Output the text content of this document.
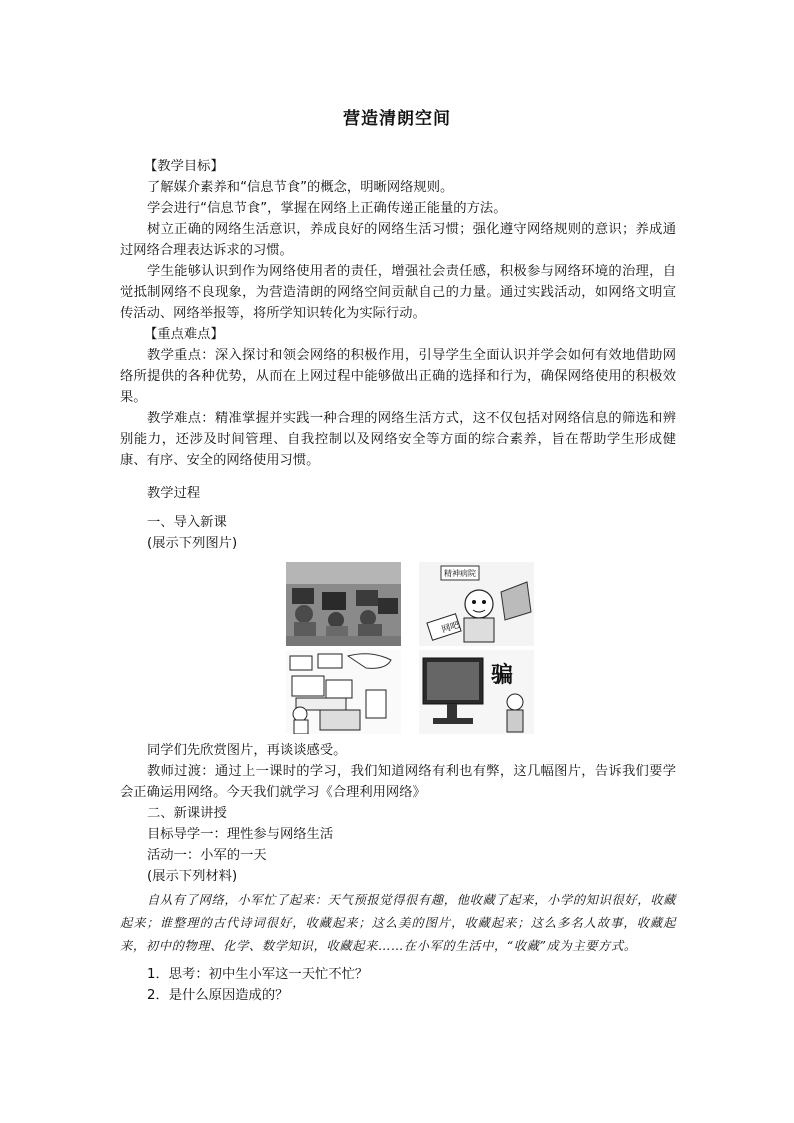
营造清朗空间

【教学目标】

了解媒介素养和“信息节食”的概念，明晰网络规则。

学会进行“信息节食”，掌握在网络上正确传递正能量的方法。

树立正确的网络生活意识，养成良好的网络生活习惯；强化遵守网络规则的意识；养成通过网络合理表达诉求的习惯。

学生能够认识到作为网络使用者的责任，增强社会责任感，积极参与网络环境的治理，自觉抵制网络不良现象，为营造清朗的网络空间贡献自己的力量。通过实践活动，如网络文明宣传活动、网络举报等，将所学知识转化为实际行动。

【重点难点】

教学重点：深入探讨和领会网络的积极作用，引导学生全面认识并学会如何有效地借助网络所提供的各种优势，从而在上网过程中能够做出正确的选择和行为，确保网络使用的积极效果。

教学难点：精准掌握并实践一种合理的网络生活方式，这不仅包括对网络信息的筛选和辨别能力，还涉及时间管理、自我控制以及网络安全等方面的综合素养，旨在帮助学生形成健康、有序、安全的网络使用习惯。

教学过程

一、导入新课

(展示下列图片)

精神病院
网吧
骗

同学们先欣赏图片，再谈谈感受。

教师过渡：通过上一课时的学习，我们知道网络有利也有弊，这几幅图片，告诉我们要学会正确运用网络。今天我们就学习《合理利用网络》

二、新课讲授

目标导学一：理性参与网络生活

活动一：小军的一天

(展示下列材料)

自从有了网络，小军忙了起来：天气预报觉得很有趣，他收藏了起来，小学的知识很好，收藏起来；谁整理的古代诗词很好，收藏起来；这么美的图片，收藏起来；这么多名人故事，收藏起来，初中的物理、化学、数学知识，收藏起来……在小军的生活中，“收藏”成为主要方式。

1．思考：初中生小军这一天忙不忙？

2．是什么原因造成的？
